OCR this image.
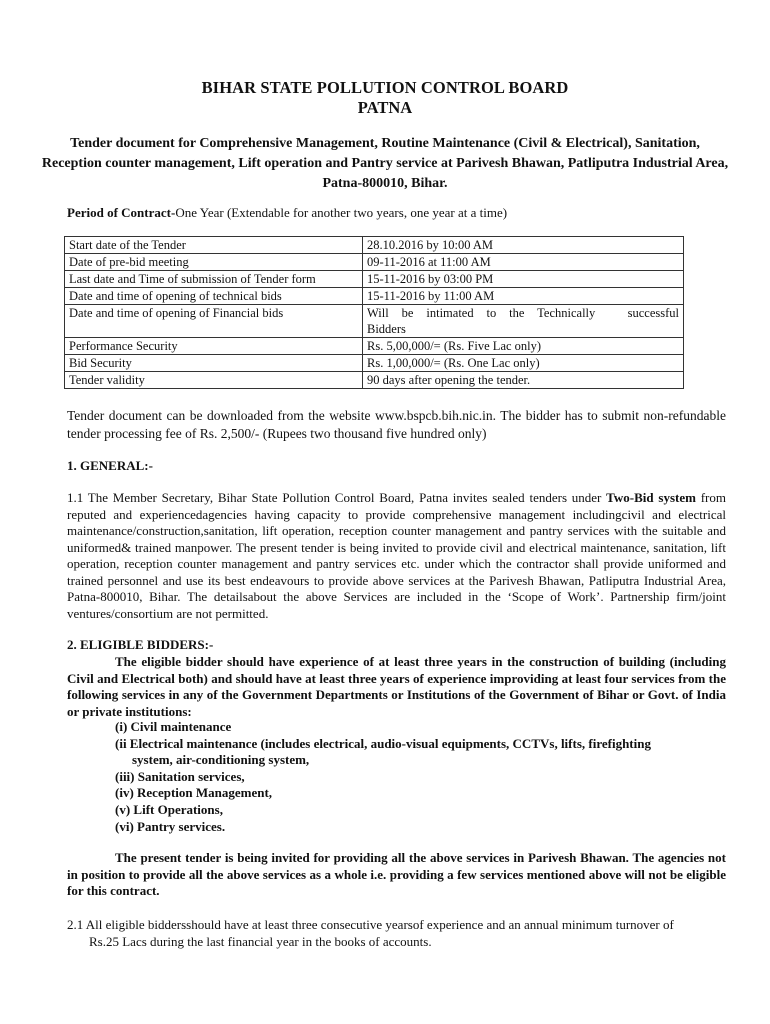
BIHAR STATE POLLUTION CONTROL BOARD
PATNA
Tender document for Comprehensive Management, Routine Maintenance (Civil & Electrical), Sanitation, Reception counter management, Lift operation and Pantry service at Parivesh Bhawan, Patliputra Industrial Area, Patna-800010, Bihar.
Period of Contract-One Year (Extendable for another two years, one year at a time)
Start date of the Tender	28.10.2016 by 10:00 AM
Date of pre-bid meeting	09-11-2016 at 11:00 AM
Last date and Time of submission of Tender form	15-11-2016 by 03:00 PM
Date and time of opening of technical bids	15-11-2016 by 11:00 AM
Date and time of opening of Financial bids	Will  be  intimated  to  the  Technically     successful
Bidders

Performance Security	Rs. 5,00,000/= (Rs. Five Lac only)
Bid Security	Rs. 1,00,000/= (Rs. One Lac only)
Tender validity	90 days after opening the tender.
Tender document can be downloaded from the website www.bspcb.bih.nic.in. The bidder has to submit non-refundable tender processing fee of Rs. 2,500/- (Rupees two thousand five hundred only)
1. GENERAL:-
1.1 The Member Secretary, Bihar State Pollution Control Board, Patna invites sealed tenders under Two-Bid system from reputed and experiencedagencies having capacity to provide comprehensive management includingcivil and electrical maintenance/construction,sanitation, lift operation, reception counter management and pantry services with the suitable and uniformed& trained manpower. The present tender is being invited to provide civil and electrical maintenance, sanitation, lift operation, reception counter management and pantry services etc. under which the contractor shall provide uniformed and trained personnel and use its best endeavours to provide above services at the Parivesh Bhawan, Patliputra Industrial Area, Patna-800010, Bihar. The detailsabout the above Services are included in the ‘Scope of Work’. Partnership firm/joint ventures/consortium are not permitted.
2. ELIGIBLE BIDDERS:-
The eligible bidder should have experience of at least three years in the construction of building (including Civil and Electrical both) and should have at least three years of experience improviding at least four services from the following services in any of the Government Departments or Institutions of the Government of Bihar or Govt. of India or private institutions:
(i) Civil maintenance
(ii Electrical maintenance (includes electrical, audio-visual equipments, CCTVs, lifts, firefighting
system, air-conditioning system,
(iii) Sanitation services,
(iv) Reception Management,
(v) Lift Operations,
(vi) Pantry services.
The present tender is being invited for providing all the above services in Parivesh Bhawan. The agencies not in position to provide all the above services as a whole i.e. providing a few services mentioned above will not be eligible for this contract.
2.1 All eligible biddersshould have at least three consecutive yearsof experience and an annual minimum turnover of
Rs.25 Lacs during the last financial year in the books of accounts.
